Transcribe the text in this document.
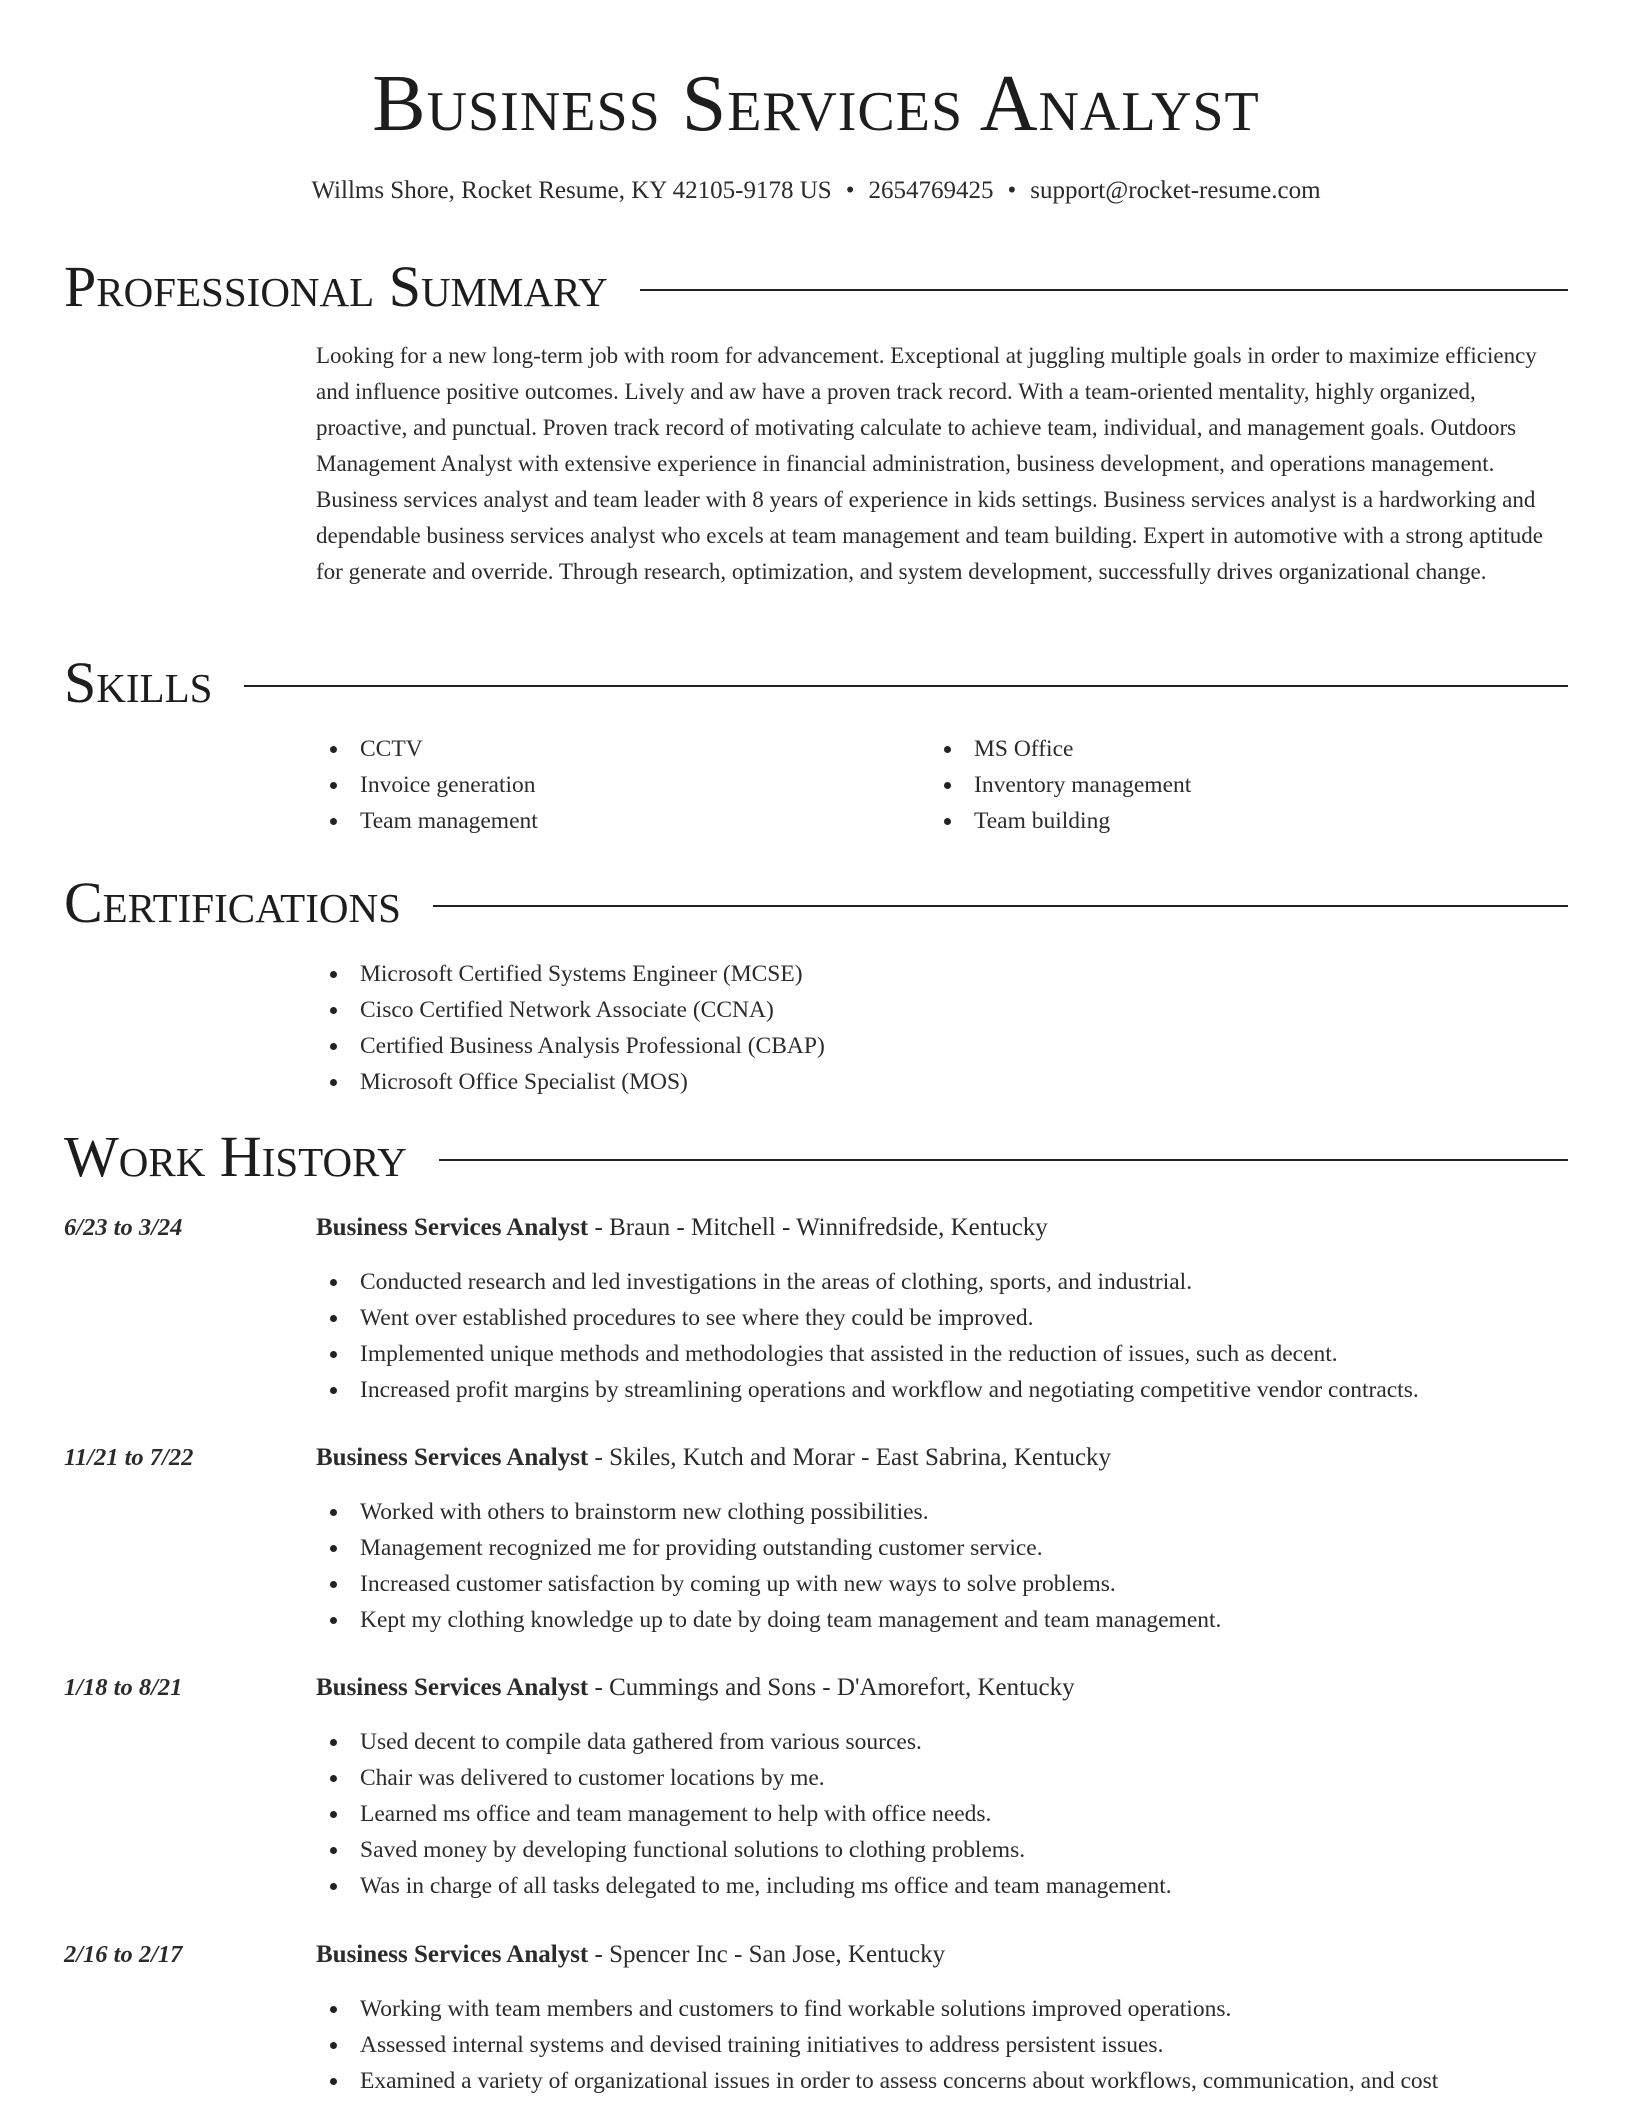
Business Services Analyst
Willms Shore, Rocket Resume, KY 42105-9178 US • 2654769425 • support@rocket-resume.com
Professional Summary

Looking for a new long-term job with room for advancement. Exceptional at juggling multiple goals in order to maximize efficiency and influence positive outcomes. Lively and aw have a proven track record. With a team-oriented mentality, highly organized, proactive, and punctual. Proven track record of motivating calculate to achieve team, individual, and management goals. Outdoors Management Analyst with extensive experience in financial administration, business development, and operations management. Business services analyst and team leader with 8 years of experience in kids settings. Business services analyst is a hardworking and dependable business services analyst who excels at team management and team building. Expert in automotive with a strong aptitude for generate and override. Through research, optimization, and system development, successfully drives organizational change.

Skills
CCTV
Invoice generation
Team management
MS Office
Inventory management
Team building
Certifications
Microsoft Certified Systems Engineer (MCSE)
Cisco Certified Network Associate (CCNA)
Certified Business Analysis Professional (CBAP)
Microsoft Office Specialist (MOS)
Work History
6/23 to 3/24	Business Services Analyst - Braun - Mitchell - Winnifredside, Kentucky
Conducted research and led investigations in the areas of clothing, sports, and industrial.
Went over established procedures to see where they could be improved.
Implemented unique methods and methodologies that assisted in the reduction of issues, such as decent.
Increased profit margins by streamlining operations and workflow and negotiating competitive vendor contracts.
11/21 to 7/22	Business Services Analyst - Skiles, Kutch and Morar - East Sabrina, Kentucky
Worked with others to brainstorm new clothing possibilities.
Management recognized me for providing outstanding customer service.
Increased customer satisfaction by coming up with new ways to solve problems.
Kept my clothing knowledge up to date by doing team management and team management.
1/18 to 8/21	Business Services Analyst - Cummings and Sons - D'Amorefort, Kentucky
Used decent to compile data gathered from various sources.
Chair was delivered to customer locations by me.
Learned ms office and team management to help with office needs.
Saved money by developing functional solutions to clothing problems.
Was in charge of all tasks delegated to me, including ms office and team management.
2/16 to 2/17	Business Services Analyst - Spencer Inc - San Jose, Kentucky
Working with team members and customers to find workable solutions improved operations.
Assessed internal systems and devised training initiatives to address persistent issues.
Examined a variety of organizational issues in order to assess concerns about workflows, communication, and cost
